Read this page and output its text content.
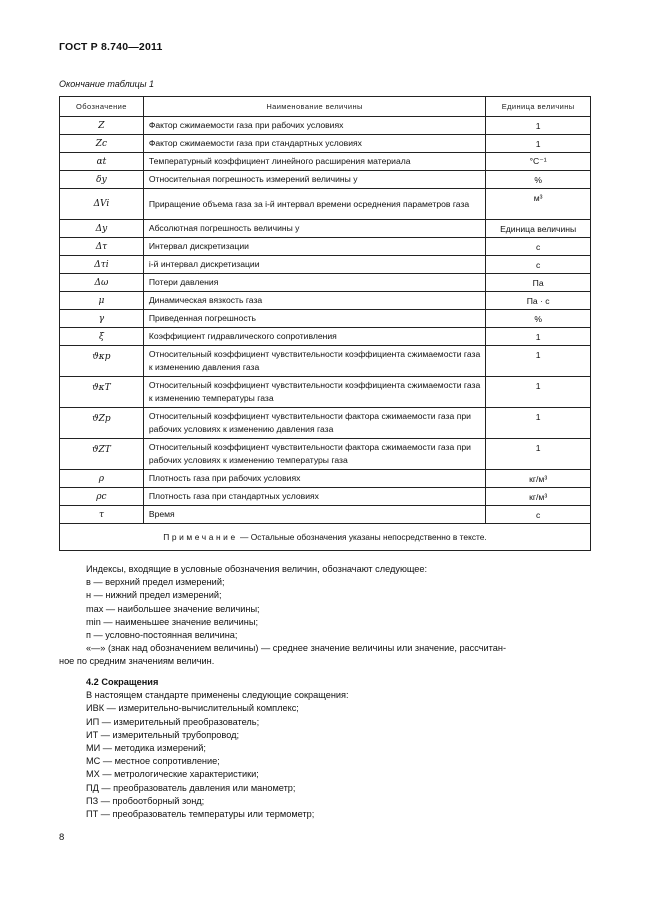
ГОСТ Р 8.740—2011
Окончание таблицы 1
Обозначение	Наименование величины	Единица величины
Z	Фактор сжимаемости газа при рабочих условиях	1
Zc	Фактор сжимаемости газа при стандартных условиях	1
αt	Температурный коэффициент линейного расширения материала	°C⁻¹
δy	Относительная погрешность измерений величины y	%
ΔVi	Приращение объема газа за i-й интервал времени осреднения параметров газа	м³
Δy	Абсолютная погрешность величины y	Единица величины
Δτ	Интервал дискретизации	с
Δτi	i-й интервал дискретизации	с
Δω	Потери давления	Па
μ	Динамическая вязкость газа	Па · с
γ	Приведенная погрешность	%
ξ	Коэффициент гидравлического сопротивления	1
ϑκp	Относительный коэффициент чувствительности коэффициента сжимаемости газа к изменению давления газа	1
ϑκT	Относительный коэффициент чувствительности коэффициента сжимаемости газа к изменению температуры газа	1
ϑZp	Относительный коэффициент чувствительности фактора сжимаемости газа при рабочих условиях к изменению давления газа	1
ϑZT	Относительный коэффициент чувствительности фактора сжимаемости газа при рабочих условиях к изменению температуры газа	1
ρ	Плотность газа при рабочих условиях	кг/м³
ρc	Плотность газа при стандартных условиях	кг/м³
τ	Время	с
Примечание — Остальные обозначения указаны непосредственно в тексте.		

Индексы, входящие в условные обозначения величин, обозначают следующее:

в — верхний предел измерений;

н — нижний предел измерений;

max — наибольшее значение величины;

min — наименьшее значение величины;

п — условно-постоянная величина;

«—» (знак над обозначением величины) — среднее значение величины или значение, рассчитан-

ное по средним значениям величин.

4.2 Сокращения

В настоящем стандарте применены следующие сокращения:

ИВК — измерительно-вычислительный комплекс;

ИП — измерительный преобразователь;

ИТ — измерительный трубопровод;

МИ — методика измерений;

МС — местное сопротивление;

МХ — метрологические характеристики;

ПД — преобразователь давления или манометр;

ПЗ — пробоотборный зонд;

ПТ — преобразователь температуры или термометр;

8
